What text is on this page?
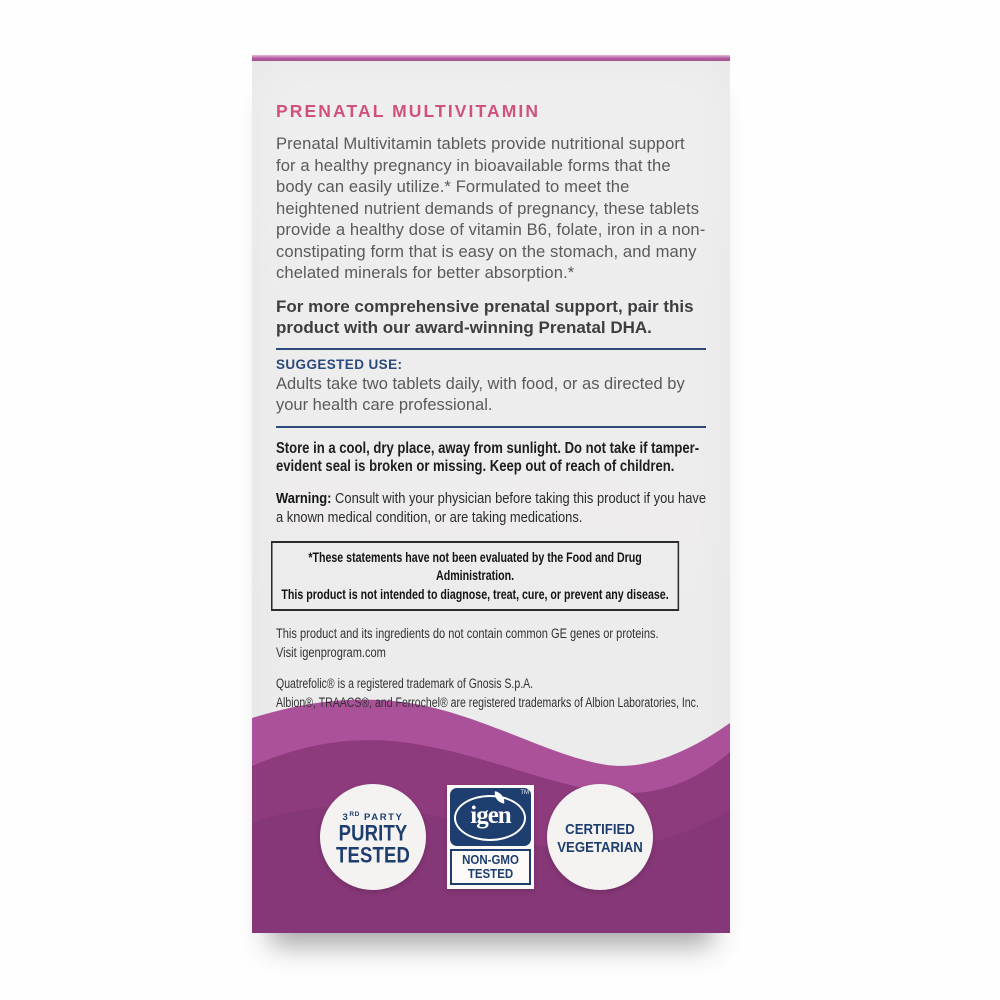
PRENATAL MULTIVITAMIN

Prenatal Multivitamin tablets provide nutritional support for a healthy pregnancy in bioavailable forms that the body can easily utilize.* Formulated to meet the heightened nutrient demands of pregnancy, these tablets provide a healthy dose of vitamin B6, folate, iron in a non-constipating form that is easy on the stomach, and many chelated minerals for better absorption.*

For more comprehensive prenatal support, pair this product with our award-winning Prenatal DHA.

SUGGESTED USE:

Adults take two tablets daily, with food, or as directed by your health care professional.

Store in a cool, dry place, away from sunlight. Do not take if tamper-evident seal is broken or missing. Keep out of reach of children.

Warning: Consult with your physician before taking this product if you have a known medical condition, or are taking medications.

*These statements have not been evaluated by the Food and Drug Administration.
This product is not intended to diagnose, treat, cure, or prevent any disease.
This product and its ingredients do not contain common GE genes or proteins.
Visit igenprogram.com
Quatrefolic® is a registered trademark of Gnosis S.p.A.
Albion®, TRAACS®, and Ferrochel® are registered trademarks of Albion Laboratories, Inc.
3RD PARTY
PURITY
TESTED
igen
TM
NON-GMO
TESTED
CERTIFIED
VEGETARIAN
